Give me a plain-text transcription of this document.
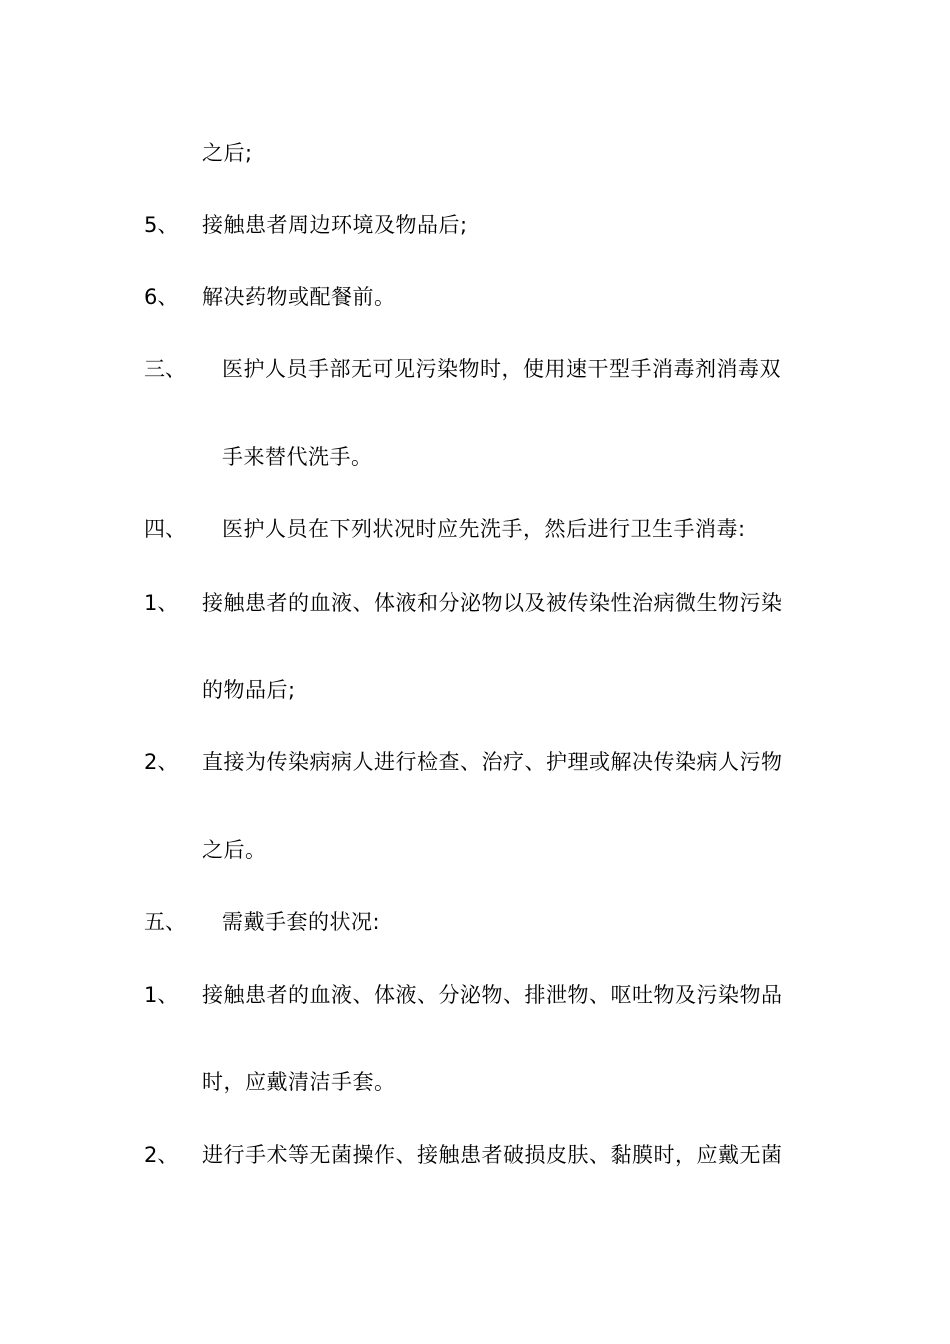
之后;
5、 接触患者周边环境及物品后;
6、 解决药物或配餐前。
三、 医护人员手部无可见污染物时，使用速干型手消毒剂消毒双
手来替代洗手。
四、 医护人员在下列状况时应先洗手，然后进行卫生手消毒:
1、 接触患者的血液、体液和分泌物以及被传染性治病微生物污染
的物品后;
2、 直接为传染病病人进行检查、治疗、护理或解决传染病人污物
之后。
五、 需戴手套的状况:
1、 接触患者的血液、体液、分泌物、排泄物、呕吐物及污染物品
时，应戴清洁手套。
2、 进行手术等无菌操作、接触患者破损皮肤、黏膜时，应戴无菌
